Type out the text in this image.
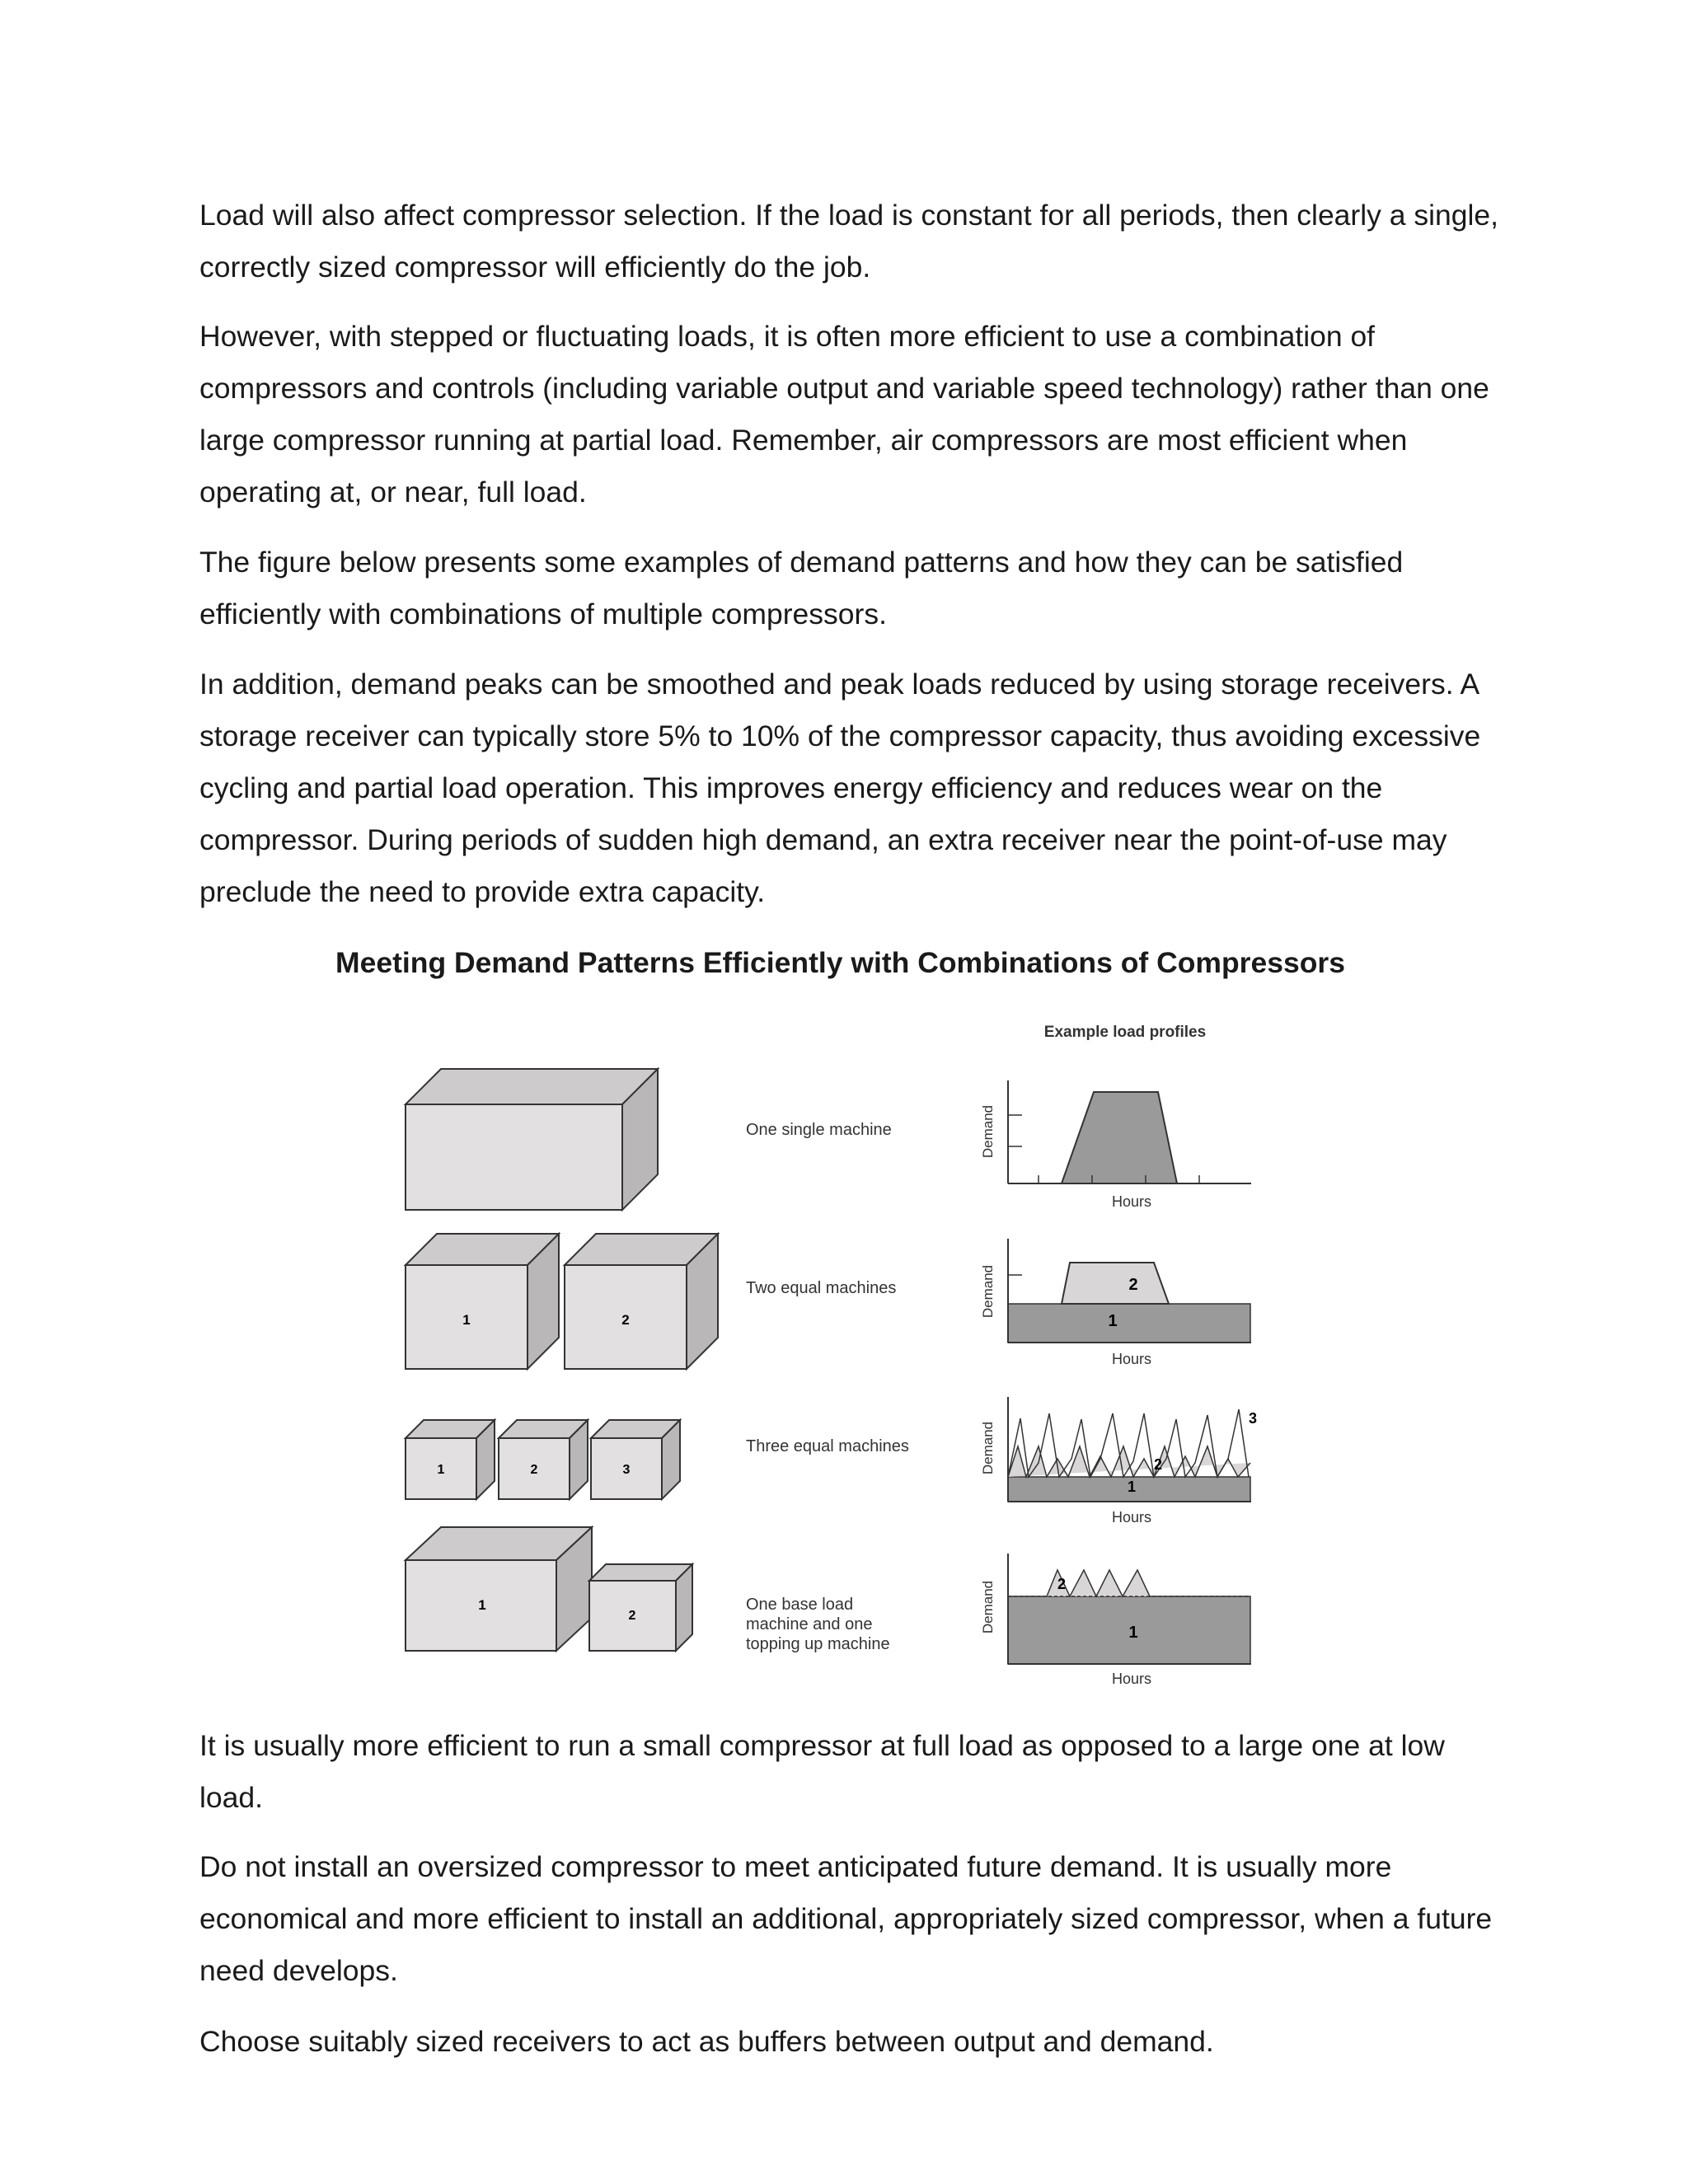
Load will also affect compressor selection. If the load is constant for all periods, then clearly a single, correctly sized compressor will efficiently do the job.

However, with stepped or fluctuating loads, it is often more efficient to use a combination of compressors and controls (including variable output and variable speed technology) rather than one large compressor running at partial load. Remember, air compressors are most efficient when operating at, or near, full load.

The figure below presents some examples of demand patterns and how they can be satisfied efficiently with combinations of multiple compressors.

In addition, demand peaks can be smoothed and peak loads reduced by using storage receivers. A storage receiver can typically store 5% to 10% of the compressor capacity, thus avoiding excessive cycling and partial load operation. This improves energy efficiency and reduces wear on the compressor. During periods of sudden high demand, an extra receiver near the point-of-use may preclude the need to provide extra capacity.

Meeting Demand Patterns Efficiently with Combinations of Compressors

1	2
1	2	3
1
2
One single machine
Two equal machines
Three equal machines
One base load
machine and one
topping up machine
Example load profiles
Demand
Hours
2
1
Demand
Hours
1
2
3
Demand
Hours
2
1
Demand
Hours

It is usually more efficient to run a small compressor at full load as opposed to a large one at low load.

Do not install an oversized compressor to meet anticipated future demand. It is usually more economical and more efficient to install an additional, appropriately sized compressor, when a future need develops.

Choose suitably sized receivers to act as buffers between output and demand.
